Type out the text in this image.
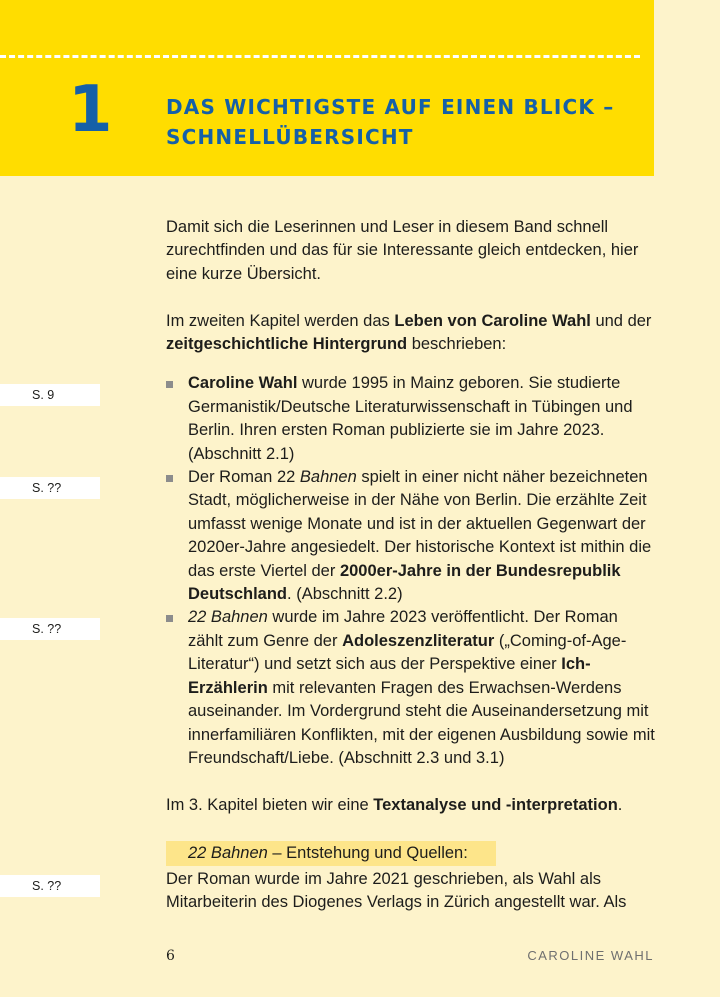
1	DAS WICHTIGSTE AUF EINEN BLICK –
SCHNELLÜBERSICHT
S. 9
S. ??
S. ??
S. ??

Damit sich die Leserinnen und Leser in diesem Band schnell zurechtfinden und das für sie Interessante gleich entdecken, hier eine kurze Übersicht.

Im zweiten Kapitel werden das Leben von Caroline Wahl und der zeitgeschichtliche Hintergrund beschrieben:

Caroline Wahl wurde 1995 in Mainz geboren. Sie studierte Germanistik/Deutsche Literaturwissenschaft in Tübingen und Berlin. Ihren ersten Roman publizierte sie im Jahre 2023. (Abschnitt 2.1)
Der Roman 22 Bahnen spielt in einer nicht näher bezeichneten Stadt, möglicherweise in der Nähe von Berlin. Die erzählte Zeit umfasst wenige Monate und ist in der aktuellen Gegenwart der 2020er-Jahre angesiedelt. Der historische Kontext ist mithin die das erste Viertel der 2000er-Jahre in der Bundesrepublik Deutschland. (Abschnitt 2.2)
22 Bahnen wurde im Jahre 2023 veröffentlicht. Der Roman zählt zum Genre der Adoleszenzliteratur („Coming-of-Age-Literatur“) und setzt sich aus der Perspektive einer Ich-Erzählerin mit relevanten Fragen des Erwachsen-Werdens auseinander. Im Vordergrund steht die Auseinandersetzung mit innerfamiliären Konflikten, mit der eigenen Ausbildung sowie mit Freundschaft/Liebe. (Abschnitt 2.3 und 3.1)

Im 3. Kapitel bieten wir eine Textanalyse und -interpretation.

22 Bahnen – Entstehung und Quellen:

Der Roman wurde im Jahre 2021 geschrieben, als Wahl als Mitarbeiterin des Diogenes Verlags in Zürich angestellt war. Als

6	CAROLINE WAHL
